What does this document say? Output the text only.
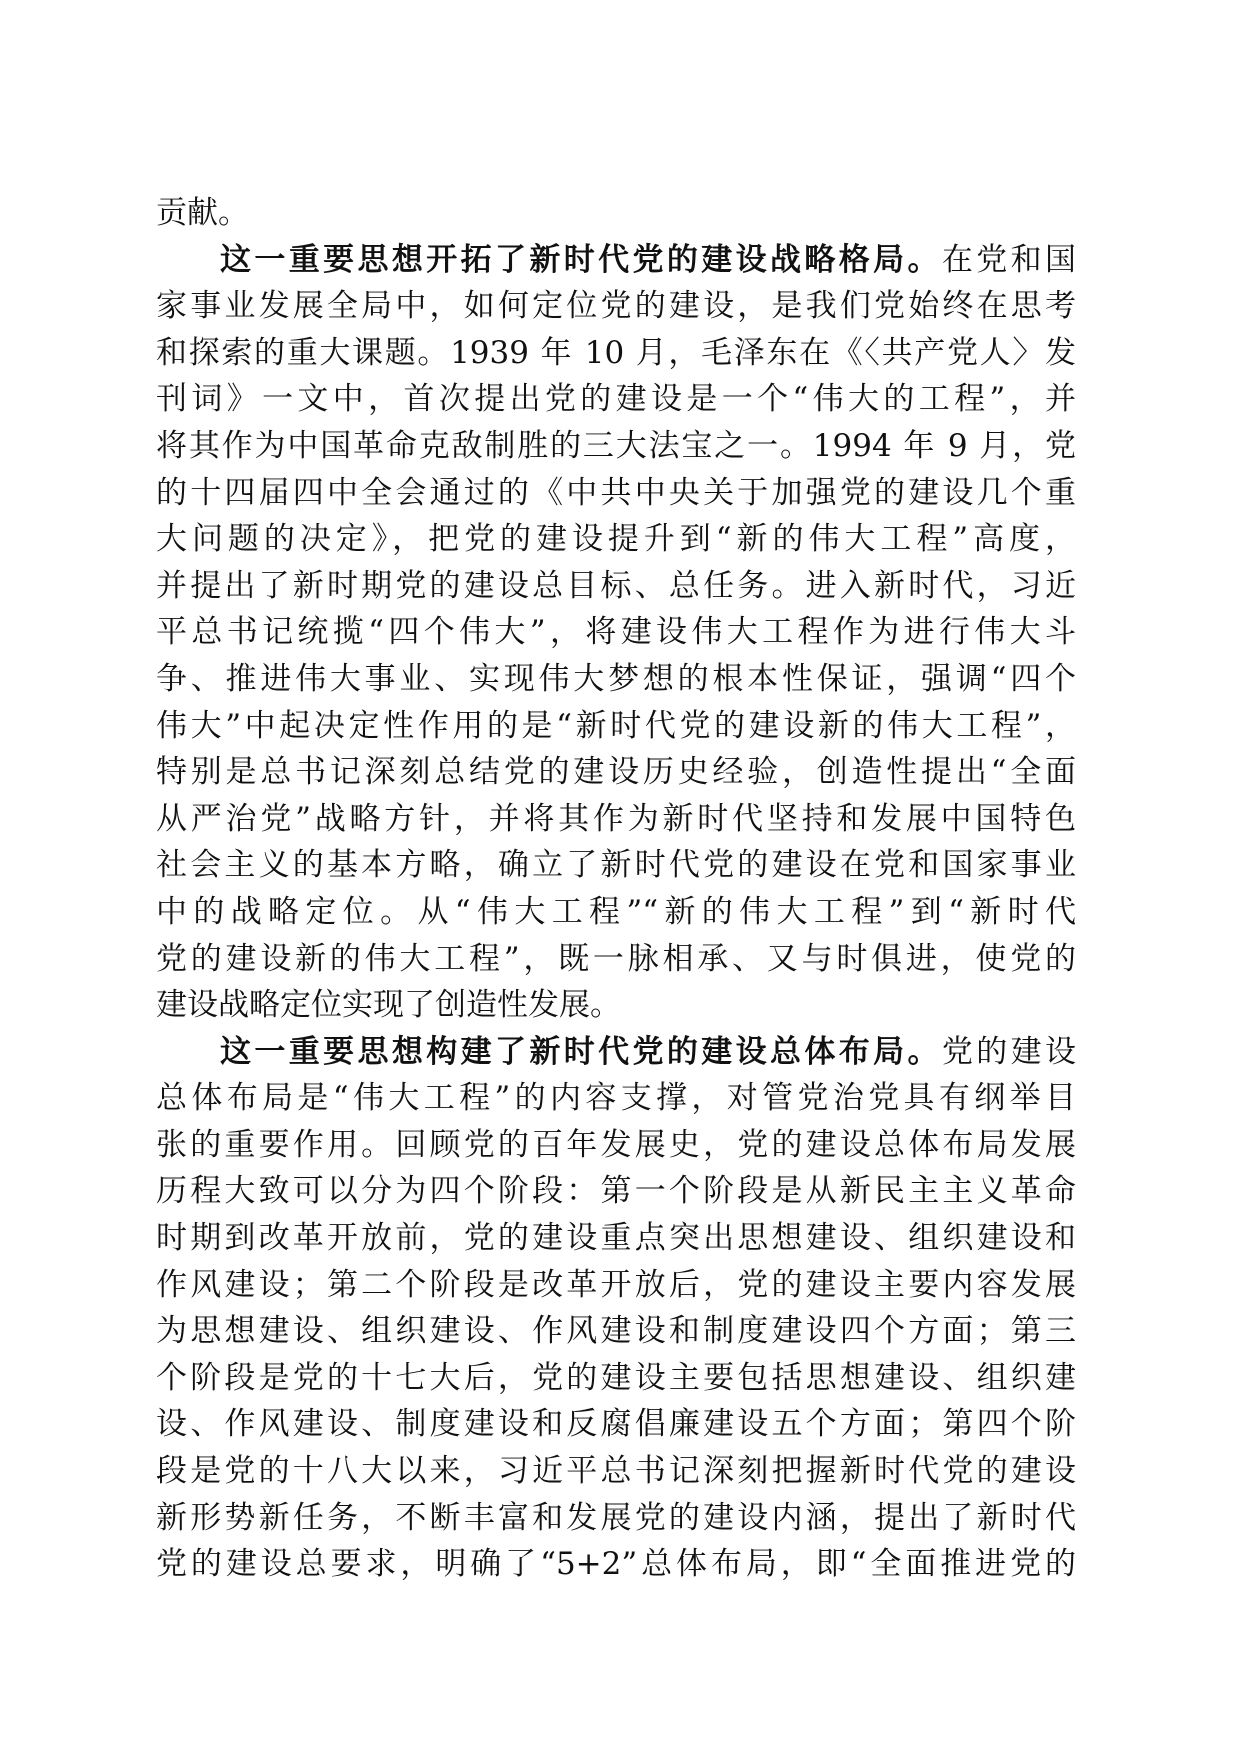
贡献。
这一重要思想开拓了新时代党的建设战略格局。在党和国
家事业发展全局中，如何定位党的建设，是我们党始终在思考
和探索的重大课题。1939 年 10 月，毛泽东在《〈共产党人〉发
刊词》一文中，首次提出党的建设是一个“伟大的工程”，并
将其作为中国革命克敌制胜的三大法宝之一。1994 年 9 月，党
的十四届四中全会通过的《中共中央关于加强党的建设几个重
大问题的决定》，把党的建设提升到“新的伟大工程”高度，
并提出了新时期党的建设总目标、总任务。进入新时代，习近
平总书记统揽“四个伟大”，将建设伟大工程作为进行伟大斗
争、推进伟大事业、实现伟大梦想的根本性保证，强调“四个
伟大”中起决定性作用的是“新时代党的建设新的伟大工程”，
特别是总书记深刻总结党的建设历史经验，创造性提出“全面
从严治党”战略方针，并将其作为新时代坚持和发展中国特色
社会主义的基本方略，确立了新时代党的建设在党和国家事业
中的战略定位。从“伟大工程”“新的伟大工程”到“新时代
党的建设新的伟大工程”，既一脉相承、又与时俱进，使党的
建设战略定位实现了创造性发展。
这一重要思想构建了新时代党的建设总体布局。党的建设
总体布局是“伟大工程”的内容支撑，对管党治党具有纲举目
张的重要作用。回顾党的百年发展史，党的建设总体布局发展
历程大致可以分为四个阶段：第一个阶段是从新民主主义革命
时期到改革开放前，党的建设重点突出思想建设、组织建设和
作风建设；第二个阶段是改革开放后，党的建设主要内容发展
为思想建设、组织建设、作风建设和制度建设四个方面；第三
个阶段是党的十七大后，党的建设主要包括思想建设、组织建
设、作风建设、制度建设和反腐倡廉建设五个方面；第四个阶
段是党的十八大以来，习近平总书记深刻把握新时代党的建设
新形势新任务，不断丰富和发展党的建设内涵，提出了新时代
党的建设总要求，明确了“5+2”总体布局，即“全面推进党的
